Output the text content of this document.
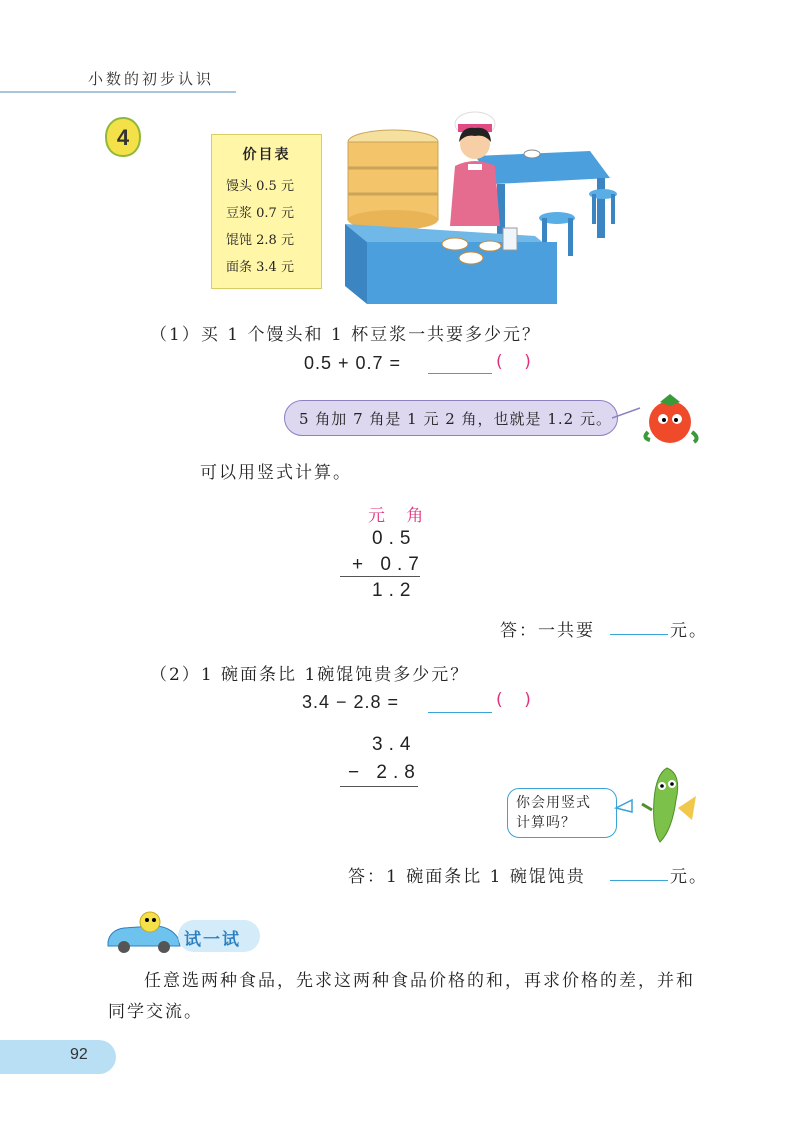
小数的初步认识
4
价目表
馒头 0.5 元
豆浆 0.7 元
馄饨 2.8 元
面条 3.4 元
（1）买 1 个馒头和 1 杯豆浆一共要多少元？
0.5 + 0.7 =	(    )
5 角加 7 角是 1 元 2 角，也就是 1.2 元。
可以用竖式计算。
元 角
0.5
+ 0.7
1.2
答：一共要	元。
（2）1 碗面条比 1碗馄饨贵多少元？
3.4 − 2.8 =	(    )
3.4
− 2.8
你会用竖式
计算吗？
答：1 碗面条比 1 碗馄饨贵	元。
试一试
任意选两种食品，先求这两种食品价格的和，再求价格的差，并和同学交流。
92
